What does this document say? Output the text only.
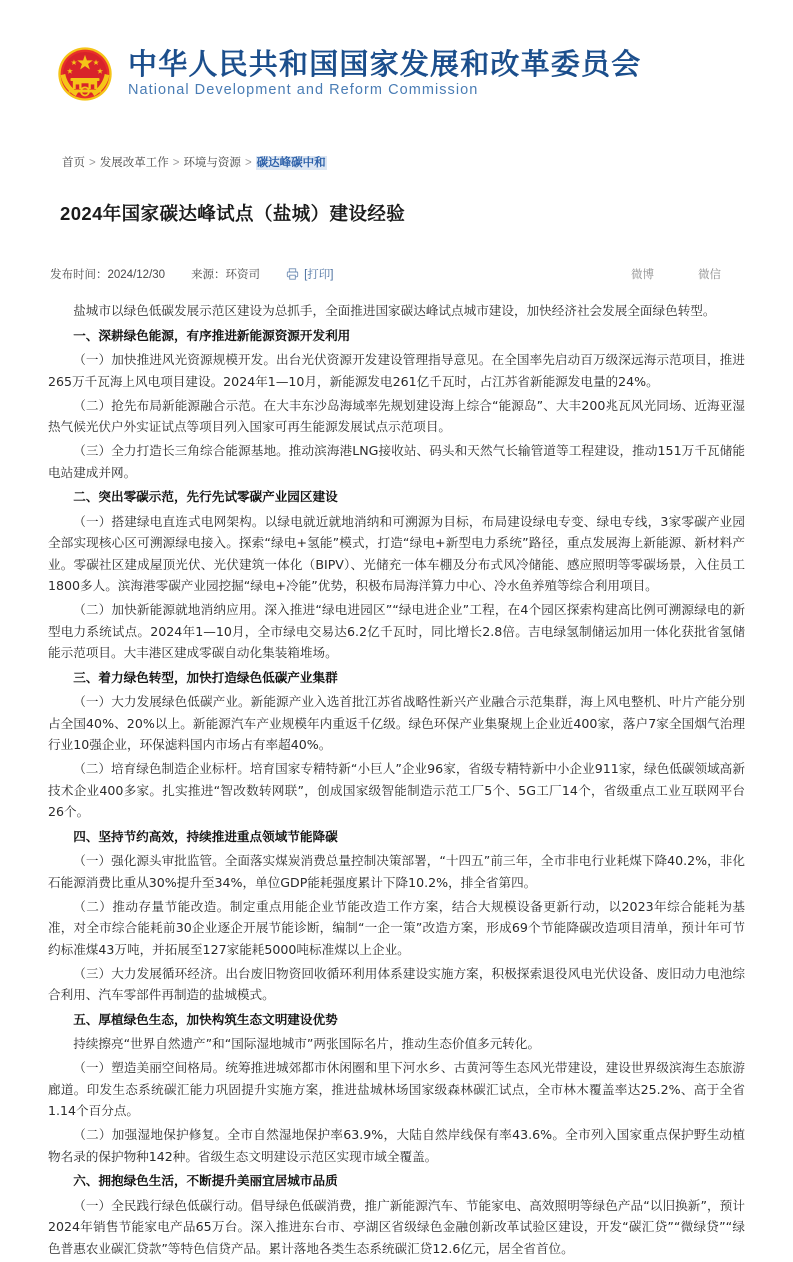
中华人民共和国国家发展和改革委员会
National Development and Reform Commission
首页 > 发展改革工作 > 环境与资源 > 碳达峰碳中和
2024年国家碳达峰试点（盐城）建设经验
发布时间：2024/12/30 来源：环资司	[打印]	微博	微信

盐城市以绿色低碳发展示范区建设为总抓手，全面推进国家碳达峰试点城市建设，加快经济社会发展全面绿色转型。

一、深耕绿色能源，有序推进新能源资源开发利用

（一）加快推进风光资源规模开发。出台光伏资源开发建设管理指导意见。在全国率先启动百万级深远海示范项目，推进265万千瓦海上风电项目建设。2024年1—10月，新能源发电261亿千瓦时，占江苏省新能源发电量的24%。

（二）抢先布局新能源融合示范。在大丰东沙岛海域率先规划建设海上综合“能源岛”、大丰200兆瓦风光同场、近海亚湿热气候光伏户外实证试点等项目列入国家可再生能源发展试点示范项目。

（三）全力打造长三角综合能源基地。推动滨海港LNG接收站、码头和天然气长输管道等工程建设，推动151万千瓦储能电站建成并网。

二、突出零碳示范，先行先试零碳产业园区建设

（一）搭建绿电直连式电网架构。以绿电就近就地消纳和可溯源为目标，布局建设绿电专变、绿电专线，3家零碳产业园全部实现核心区可溯源绿电接入。探索“绿电+氢能”模式，打造“绿电+新型电力系统”路径，重点发展海上新能源、新材料产业。零碳社区建成屋顶光伏、光伏建筑一体化（BIPV）、光储充一体车棚及分布式风冷储能、感应照明等零碳场景，入住员工1800多人。滨海港零碳产业园挖掘“绿电+冷能”优势，积极布局海洋算力中心、冷水鱼养殖等综合利用项目。

（二）加快新能源就地消纳应用。深入推进“绿电进园区”“绿电进企业”工程，在4个园区探索构建高比例可溯源绿电的新型电力系统试点。2024年1—10月，全市绿电交易达6.2亿千瓦时，同比增长2.8倍。吉电绿氢制储运加用一体化获批省氢储能示范项目。大丰港区建成零碳自动化集装箱堆场。

三、着力绿色转型，加快打造绿色低碳产业集群

（一）大力发展绿色低碳产业。新能源产业入选首批江苏省战略性新兴产业融合示范集群，海上风电整机、叶片产能分别占全国40%、20%以上。新能源汽车产业规模年内重返千亿级。绿色环保产业集聚规上企业近400家，落户7家全国烟气治理行业10强企业，环保滤料国内市场占有率超40%。

（二）培育绿色制造企业标杆。培育国家专精特新“小巨人”企业96家，省级专精特新中小企业911家，绿色低碳领域高新技术企业400多家。扎实推进“智改数转网联”，创成国家级智能制造示范工厂5个、5G工厂14个，省级重点工业互联网平台26个。

四、坚持节约高效，持续推进重点领域节能降碳

（一）强化源头审批监管。全面落实煤炭消费总量控制决策部署，“十四五”前三年，全市非电行业耗煤下降40.2%，非化石能源消费比重从30%提升至34%，单位GDP能耗强度累计下降10.2%，排全省第四。

（二）推动存量节能改造。制定重点用能企业节能改造工作方案，结合大规模设备更新行动，以2023年综合能耗为基准，对全市综合能耗前30企业逐企开展节能诊断，编制“一企一策”改造方案，形成69个节能降碳改造项目清单，预计年可节约标准煤43万吨，并拓展至127家能耗5000吨标准煤以上企业。

（三）大力发展循环经济。出台废旧物资回收循环利用体系建设实施方案，积极探索退役风电光伏设备、废旧动力电池综合利用、汽车零部件再制造的盐城模式。

五、厚植绿色生态，加快构筑生态文明建设优势

持续擦亮“世界自然遗产”和“国际湿地城市”两张国际名片，推动生态价值多元转化。

（一）塑造美丽空间格局。统筹推进城郊都市休闲圈和里下河水乡、古黄河等生态风光带建设，建设世界级滨海生态旅游廊道。印发生态系统碳汇能力巩固提升实施方案，推进盐城林场国家级森林碳汇试点，全市林木覆盖率达25.2%、高于全省1.14个百分点。

（二）加强湿地保护修复。全市自然湿地保护率63.9%，大陆自然岸线保有率43.6%。全市列入国家重点保护野生动植物名录的保护物种142种。省级生态文明建设示范区实现市域全覆盖。

六、拥抱绿色生活，不断提升美丽宜居城市品质

（一）全民践行绿色低碳行动。倡导绿色低碳消费，推广新能源汽车、节能家电、高效照明等绿色产品“以旧换新”，预计2024年销售节能家电产品65万台。深入推进东台市、亭湖区省级绿色金融创新改革试验区建设，开发“碳汇贷”“微绿贷”“绿色普惠农业碳汇贷款”等特色信贷产品。累计落地各类生态系统碳汇贷12.6亿元，居全省首位。
